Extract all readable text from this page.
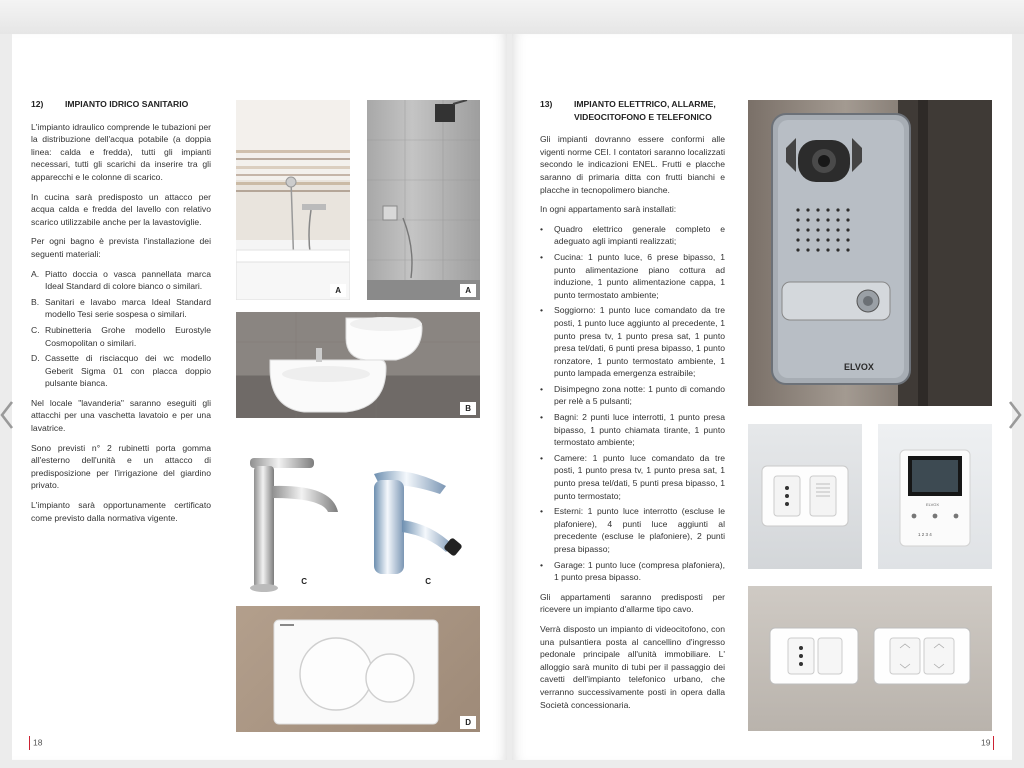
12)	IMPIANTO IDRICO SANITARIO

L'impianto idraulico comprende le tubazioni per la distribuzione dell'acqua potabile (a doppia linea: calda e fredda), tutti gli impianti necessari, tutti gli scarichi da inserire tra gli apparecchi e le colonne di scarico.

In cucina sarà predisposto un attacco per acqua calda e fredda del lavello con relativo scarico utilizzabile anche per la lavastoviglie.

Per ogni bagno è prevista l'installazione dei seguenti materiali:

A. Piatto doccia o vasca pannellata marca Ideal Standard di colore bianco o similari.
B. Sanitari e lavabo marca Ideal Standard modello Tesi serie sospesa o similari.
C. Rubinetteria Grohe modello Eurostyle Cosmopolitan o similari.
D. Cassette di risciacquo dei wc modello Geberit Sigma 01 con placca doppio pulsante bianca.

Nel locale "lavanderia" saranno eseguiti gli attacchi per una vaschetta lavatoio e per una lavatrice.

Sono previsti n° 2 rubinetti porta gomma all'esterno dell'unità e un attacco di predisposizione per l'irrigazione del giardino privato.

L'impianto sarà opportunamente certificato come previsto dalla normativa vigente.

A	A
B
C	C
D
18
13)	IMPIANTO ELETTRICO, ALLARME,
VIDEOCITOFONO E TELEFONICO

Gli impianti dovranno essere conformi alle vigenti norme CEI. I contatori saranno localizzati secondo le indicazioni ENEL. Frutti e placche saranno di primaria ditta con frutti bianchi e placche in tecnopolimero bianche.

In ogni appartamento sarà installati:

•	Quadro elettrico generale completo e adeguato agli impianti realizzati;
•	Cucina: 1 punto luce, 6 prese bipasso, 1 punto alimentazione piano cottura ad induzione, 1 punto alimentazione cappa, 1 punto termostato ambiente;
•	Soggiorno: 1 punto luce comandato da tre posti, 1 punto luce aggiunto al precedente, 1 punto presa tv, 1 punto presa sat, 1 punto presa tel/dati, 6 punti presa bipasso, 1 punto ronzatore, 1 punto termostato ambiente, 1 punto lampada emergenza estraibile;
•	Disimpegno zona notte: 1 punto di comando per relè a 5 pulsanti;
•	Bagni: 2 punti luce interrotti, 1 punto presa bipasso, 1 punto chiamata tirante, 1 punto termostato ambiente;
•	Camere: 1 punto luce comandato da tre posti, 1 punto presa tv, 1 punto presa sat, 1 punto presa tel/dati, 5 punti presa bipasso, 1 punto termostato;
•	Esterni: 1 punto luce interrotto (escluse le plafoniere), 4 punti luce aggiunti al precedente (escluse le plafoniere), 2 punti presa bipasso;
•	Garage: 1 punto luce (compresa plafoniera), 1 punto presa bipasso.

Gli appartamenti saranno predisposti per ricevere un impianto d'allarme tipo cavo.

Verrà disposto un impianto di videocitofono, con una pulsantiera posta al cancellino d'ingresso pedonale principale all'unità immobiliare. L' alloggio sarà munito di tubi per il passaggio dei cavetti dell'impianto telefonico urbano, che verranno successivamente posti in opera dalla Società concessionaria.

ELVOX
ELVOX
1 2 3 4
19
